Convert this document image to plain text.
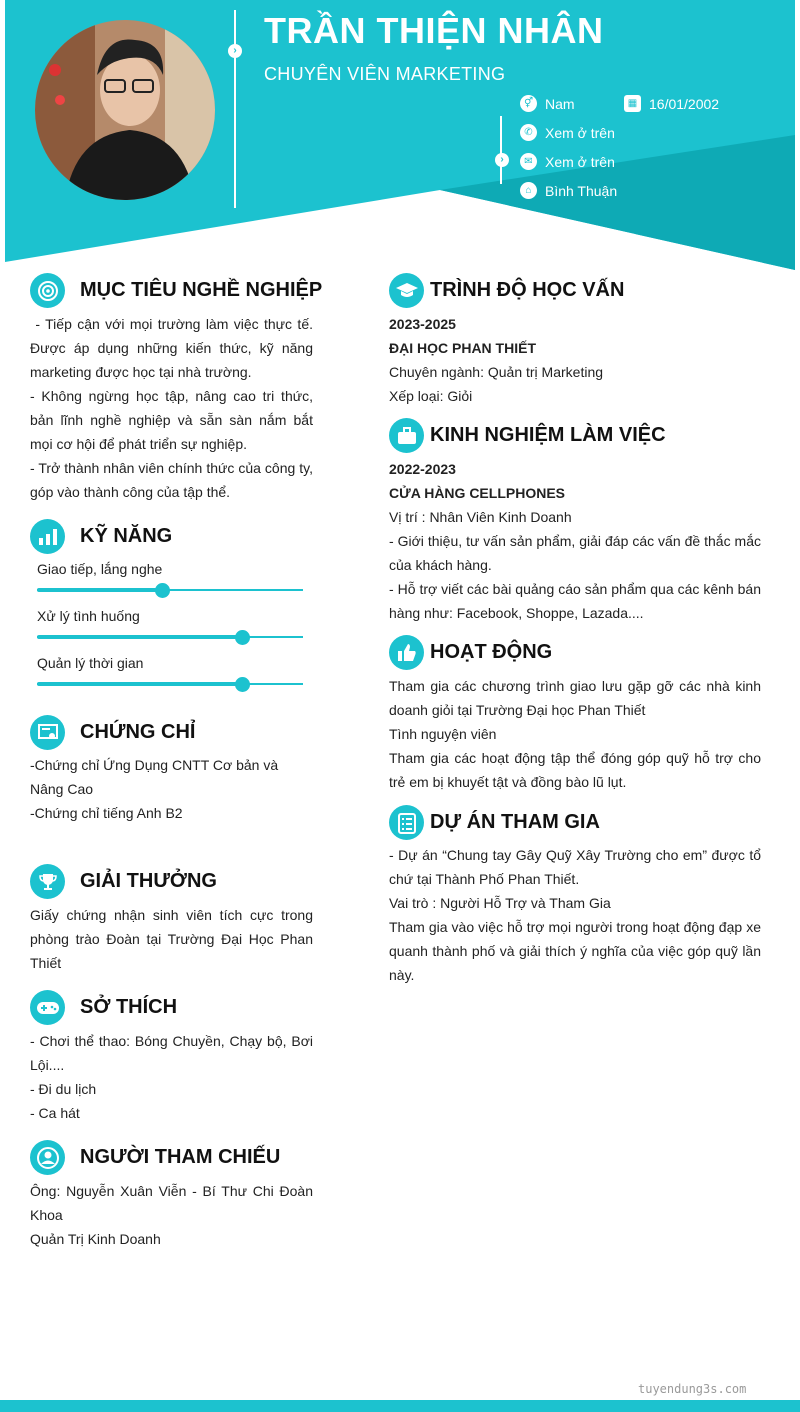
› TRẦN THIỆN NHÂN
CHUYÊN VIÊN MARKETING
⚥ Nam	▦ 16/01/2002
›
✆ Xem ở trên
✉ Xem ở trên
⌂ Bình Thuận
MỤC TIÊU NGHỀ NGHIỆP

- Tiếp cận với mọi trường làm việc thực tế. Được áp dụng những kiến thức, kỹ năng marketing được học tại nhà trường.

- Không ngừng học tập, nâng cao tri thức, bản lĩnh nghề nghiệp và sẵn sàn nắm bắt mọi cơ hội để phát triển sự nghiệp.

- Trở thành nhân viên chính thức của công ty, góp vào thành công của tập thể.

KỸ NĂNG
Giao tiếp, lắng nghe
Xử lý tình huống
Quản lý thời gian
CHỨNG CHỈ

-Chứng chỉ Ứng Dụng CNTT Cơ bản và Nâng Cao

-Chứng chỉ tiếng Anh B2

GIẢI THƯỞNG

Giấy chứng nhận sinh viên tích cực trong phòng trào Đoàn tại Trường Đại Học Phan Thiết

SỞ THÍCH

- Chơi thể thao: Bóng Chuyền, Chạy bộ, Bơi Lội....

- Đi du lịch

- Ca hát

NGƯỜI THAM CHIẾU

Ông: Nguyễn Xuân Viễn - Bí Thư Chi Đoàn Khoa

Quản Trị Kinh Doanh

TRÌNH ĐỘ HỌC VẤN

2023-2025

ĐẠI HỌC PHAN THIẾT

Chuyên ngành: Quản trị Marketing

Xếp loại: Giỏi

KINH NGHIỆM LÀM VIỆC

2022-2023

CỬA HÀNG CELLPHONES

Vị trí : Nhân Viên Kinh Doanh

- Giới thiệu, tư vấn sản phẩm, giải đáp các vấn đề thắc mắc của khách hàng.

- Hỗ trợ viết các bài quảng cáo sản phẩm qua các kênh bán hàng như: Facebook, Shoppe, Lazada....

HOẠT ĐỘNG

Tham gia các chương trình giao lưu gặp gỡ các nhà kinh doanh giỏi tại Trường Đại học Phan Thiết

Tình nguyện viên

Tham gia các hoạt động tập thể đóng góp quỹ hỗ trợ cho trẻ em bị khuyết tật và đồng bào lũ lụt.

DỰ ÁN THAM GIA

- Dự án “Chung tay Gây Quỹ Xây Trường cho em” được tổ chứ tại Thành Phố Phan Thiết.

Vai trò : Người Hỗ Trợ và Tham Gia

Tham gia vào việc hỗ trợ mọi người trong hoạt động đạp xe quanh thành phố và giải thích ý nghĩa của việc góp quỹ lần này.

tuyendung3s.com
